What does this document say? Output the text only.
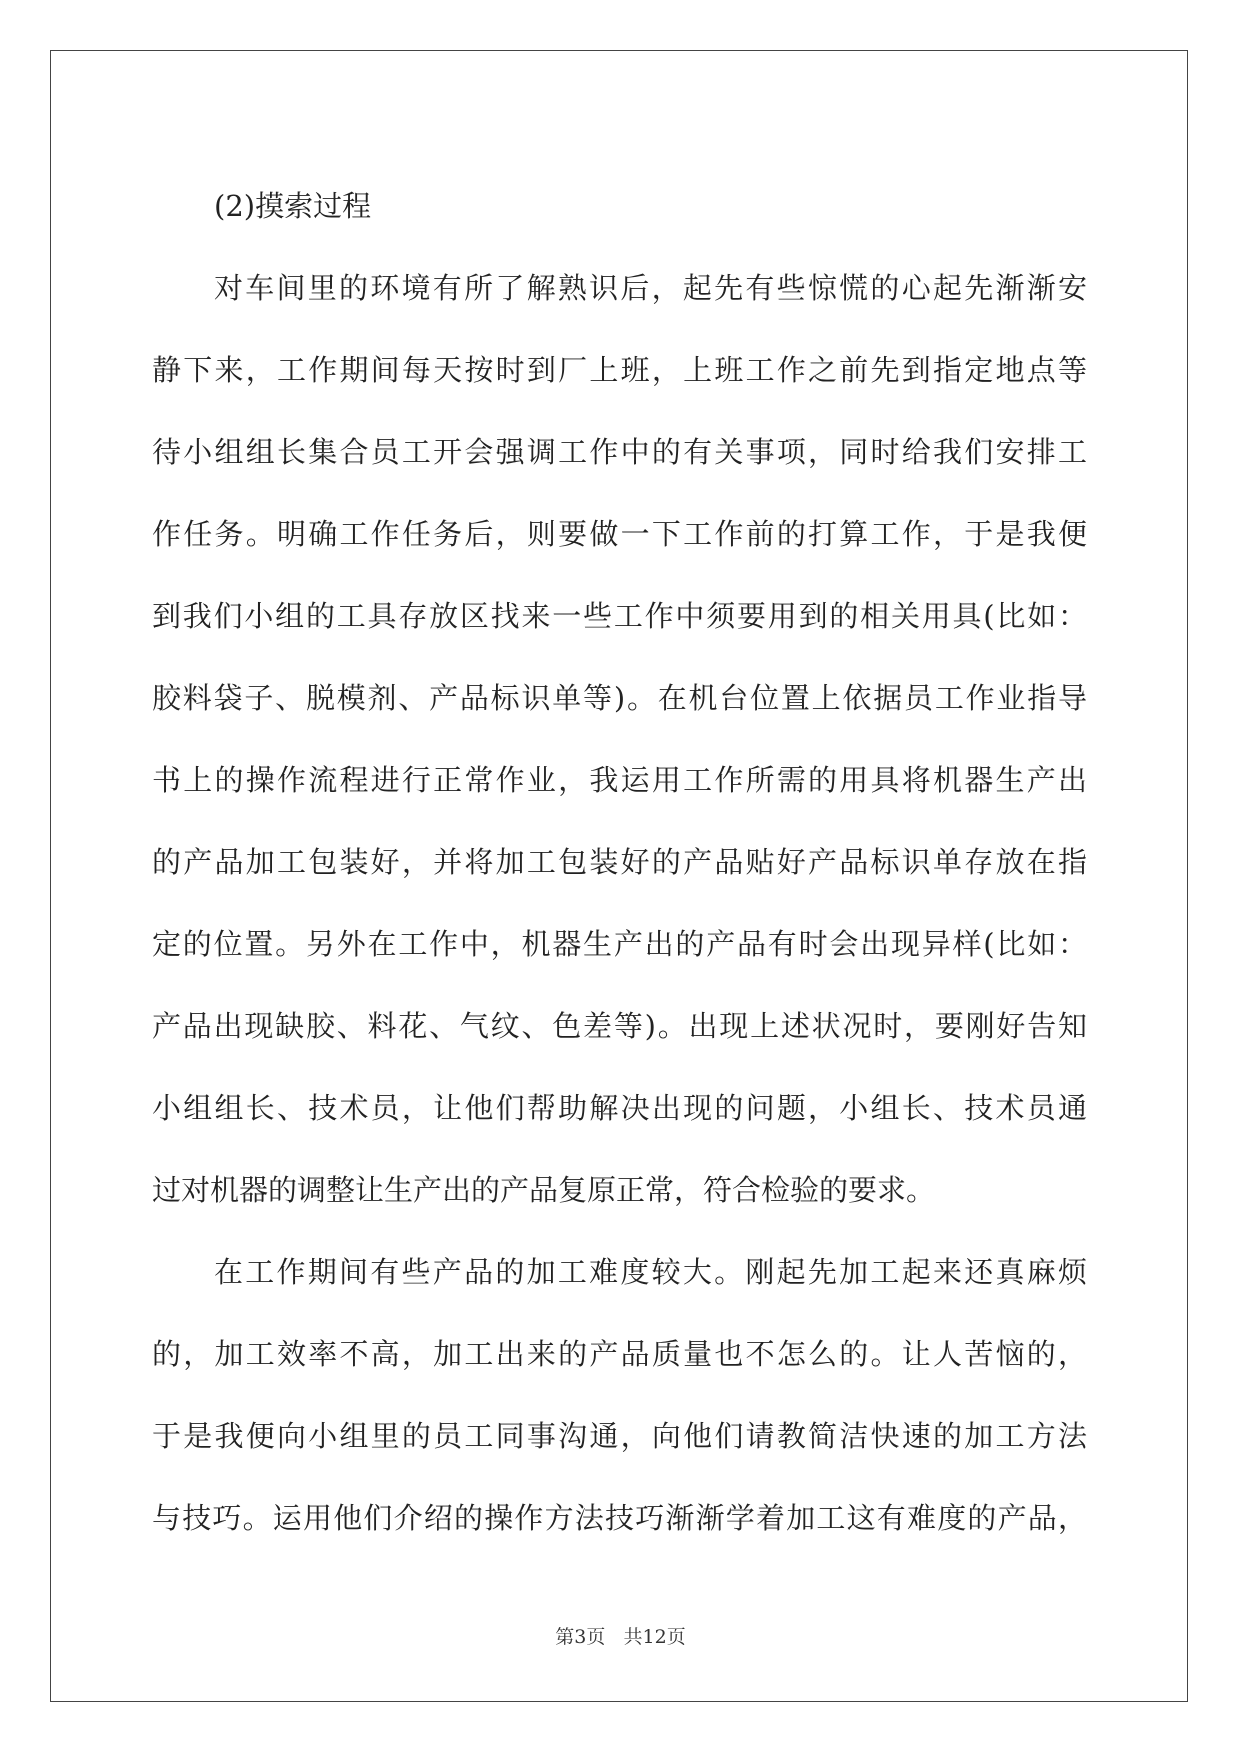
(2)摸索过程

对车间里的环境有所了解熟识后，起先有些惊慌的心起先渐渐安
静下来，工作期间每天按时到厂上班，上班工作之前先到指定地点等
待小组组长集合员工开会强调工作中的有关事项，同时给我们安排工
作任务。明确工作任务后，则要做一下工作前的打算工作，于是我便
到我们小组的工具存放区找来一些工作中须要用到的相关用具(比如：
胶料袋子、脱模剂、产品标识单等)。在机台位置上依据员工作业指导
书上的操作流程进行正常作业，我运用工作所需的用具将机器生产出
的产品加工包装好，并将加工包装好的产品贴好产品标识单存放在指
定的位置。另外在工作中，机器生产出的产品有时会出现异样(比如：
产品出现缺胶、料花、气纹、色差等)。出现上述状况时，要刚好告知
小组组长、技术员，让他们帮助解决出现的问题，小组长、技术员通
过对机器的调整让生产出的产品复原正常，符合检验的要求。
在工作期间有些产品的加工难度较大。刚起先加工起来还真麻烦
的，加工效率不高，加工出来的产品质量也不怎么的。让人苦恼的，
于是我便向小组里的员工同事沟通，向他们请教简洁快速的加工方法
与技巧。运用他们介绍的操作方法技巧渐渐学着加工这有难度的产品，
第3页 共12页
